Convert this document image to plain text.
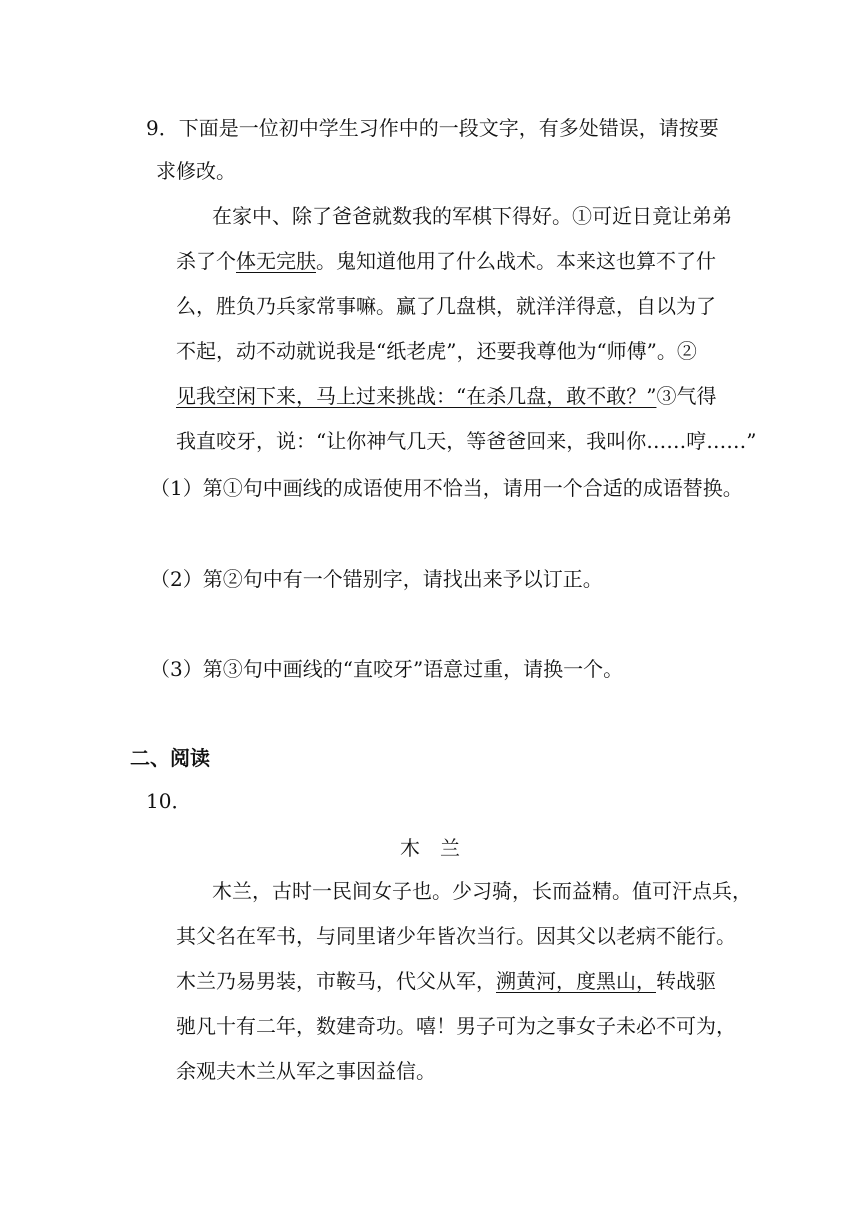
9．下面是一位初中学生习作中的一段文字，有多处错误，请按要
求修改。
在家中、除了爸爸就数我的军棋下得好。①可近日竟让弟弟
杀了个体无完肤。鬼知道他用了什么战术。本来这也算不了什
么，胜负乃兵家常事嘛。赢了几盘棋，就洋洋得意，自以为了
不起，动不动就说我是“纸老虎”，还要我尊他为“师傅”。②
见我空闲下来，马上过来挑战：“在杀几盘，敢不敢？”③气得
我直咬牙，说：“让你神气几天，等爸爸回来，我叫你……哼……”
（1）第①句中画线的成语使用不恰当，请用一个合适的成语替换。
（2）第②句中有一个错别字，请找出来予以订正。
（3）第③句中画线的“直咬牙”语意过重，请换一个。
二、阅读
10．
木　兰
木兰，古时一民间女子也。少习骑，长而益精。值可汗点兵，
其父名在军书，与同里诸少年皆次当行。因其父以老病不能行。
木兰乃易男装，市鞍马，代父从军，溯黄河，度黑山，转战驱
驰凡十有二年，数建奇功。嘻！男子可为之事女子未必不可为，
余观夫木兰从军之事因益信。
